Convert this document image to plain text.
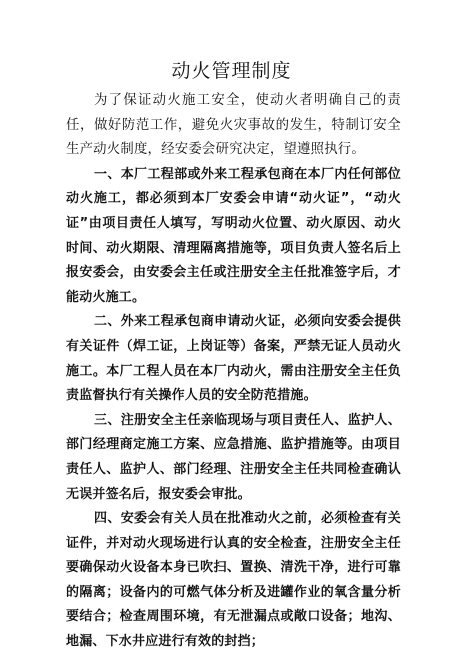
动火管理制度

为了保证动火施工安全，使动火者明确自己的责任，做好防范工作，避免火灾事故的发生，特制订安全生产动火制度，经安委会研究决定，望遵照执行。

一、本厂工程部或外来工程承包商在本厂内任何部位动火施工，都必须到本厂安委会申请“动火证”，“动火证”由项目责任人填写，写明动火位置、动火原因、动火时间、动火期限、清理隔离措施等，项目负责人签名后上报安委会，由安委会主任或注册安全主任批准签字后，才能动火施工。

二、外来工程承包商申请动火证，必须向安委会提供有关证件（焊工证，上岗证等）备案，严禁无证人员动火施工。本厂工程人员在本厂内动火，需由注册安全主任负责监督执行有关操作人员的安全防范措施。

三、注册安全主任亲临现场与项目责任人、监护人、部门经理商定施工方案、应急措施、监护措施等。由项目责任人、监护人、部门经理、注册安全主任共同检查确认无误并签名后，报安委会审批。

四、安委会有关人员在批准动火之前，必须检查有关证件，并对动火现场进行认真的安全检查，注册安全主任要确保动火设备本身已吹扫、置换、清洗干净，进行可靠的隔离；设备内的可燃气体分析及进罐作业的氧含量分析要结合；检查周围环境，有无泄漏点或敞口设备；地沟、地漏、下水井应进行有效的封挡；
